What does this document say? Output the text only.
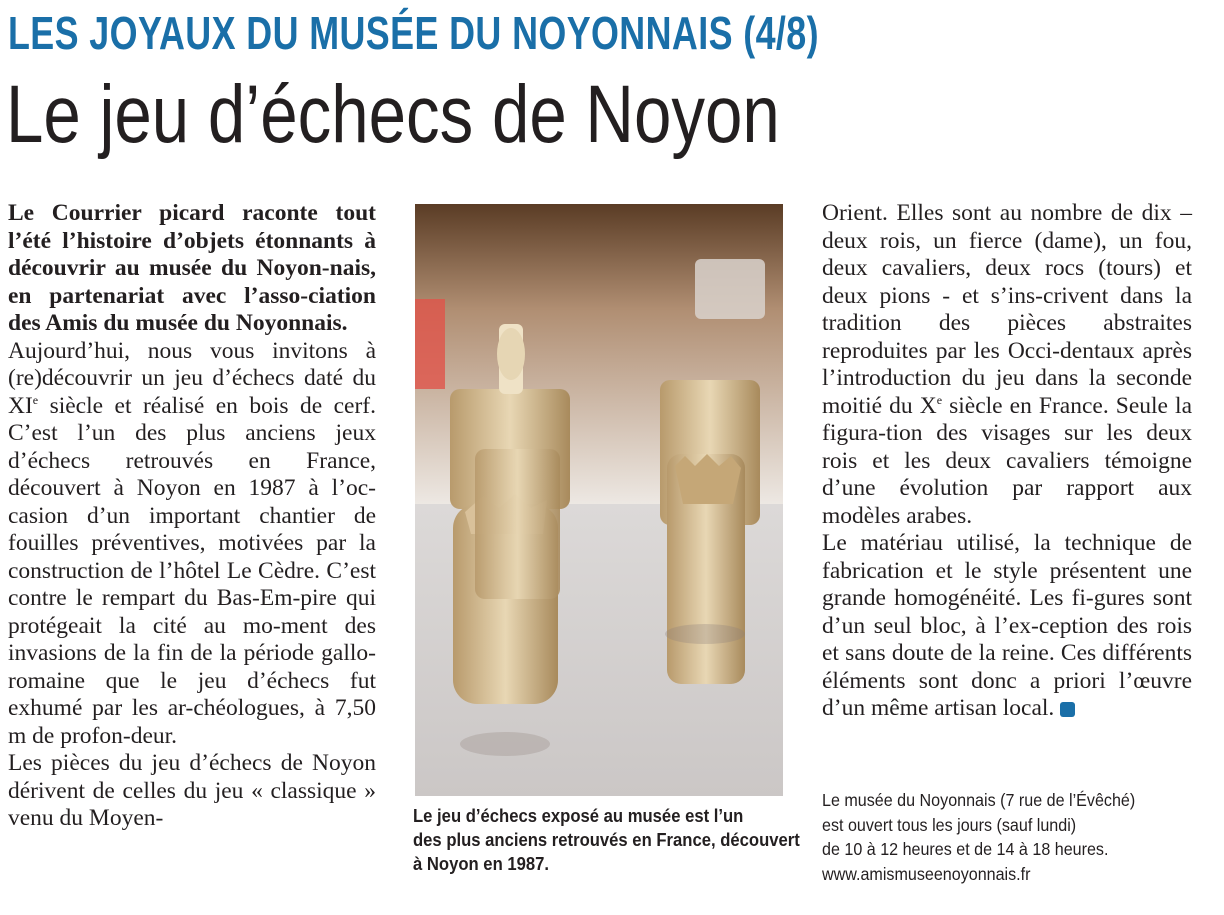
LES JOYAUX DU MUSÉE DU NOYONNAIS (4/8)
Le jeu d’échecs de Noyon

Le Courrier picard raconte tout l’été l’histoire d’objets étonnants à découvrir au musée du Noyon-nais, en partenariat avec l’asso-ciation des Amis du musée du Noyonnais.

Aujourd’hui, nous vous invitons à (re)découvrir un jeu d’échecs daté du XIe siècle et réalisé en bois de cerf. C’est l’un des plus anciens jeux d’échecs retrouvés en France, découvert à Noyon en 1987 à l’oc-casion d’un important chantier de fouilles préventives, motivées par la construction de l’hôtel Le Cèdre. C’est contre le rempart du Bas-Em-pire qui protégeait la cité au mo-ment des invasions de la fin de la période gallo-romaine que le jeu d’échecs fut exhumé par les ar-chéologues, à 7,50 m de profon-deur.

Les pièces du jeu d’échecs de Noyon dérivent de celles du jeu « classique » venu du Moyen-	Le jeu d’échecs exposé au musée est l’un
des plus anciens retrouvés en France, découvert
à Noyon en 1987.

Orient. Elles sont au nombre de dix – deux rois, un fierce (dame), un fou, deux cavaliers, deux rocs (tours) et deux pions - et s’ins-crivent dans la tradition des pièces abstraites reproduites par les Occi-dentaux après l’introduction du jeu dans la seconde moitié du Xe siècle en France. Seule la figura-tion des visages sur les deux rois et les deux cavaliers témoigne d’une évolution par rapport aux modèles arabes.

Le matériau utilisé, la technique de fabrication et le style présentent une grande homogénéité. Les fi-gures sont d’un seul bloc, à l’ex-ception des rois et sans doute de la reine. Ces différents éléments sont donc a priori l’œuvre d’un même artisan local.

Le musée du Noyonnais (7 rue de l’Évêché)
est ouvert tous les jours (sauf lundi)
de 10 à 12 heures et de 14 à 18 heures.
www.amismuseenoyonnais.fr
